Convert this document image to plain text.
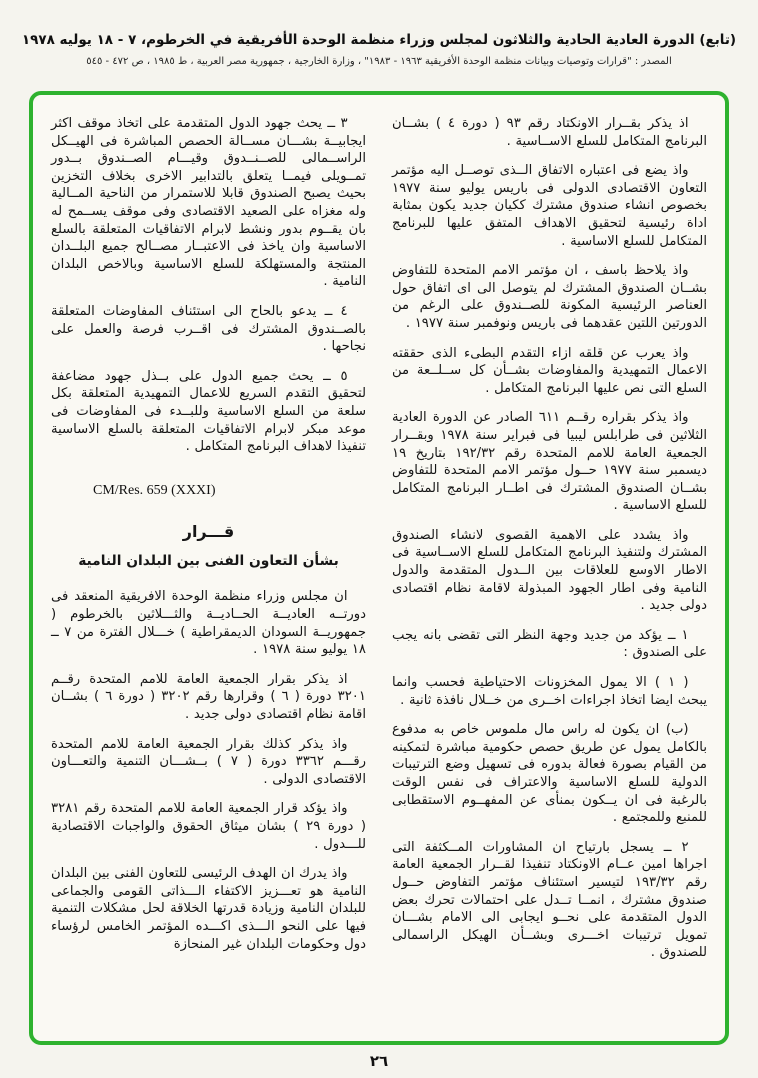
(تابع) الدورة العادية الحادية والثلاثون لمجلس وزراء منظمة الوحدة الأفريقية في الخرطوم، ٧ - ١٨ يوليه ١٩٧٨
المصدر : "قرارات وتوصيات وبيانات منظمة الوحدة الأفريقية ١٩٦٣ - ١٩٨٣" ، وزارة الخارجية ، جمهورية مصر العربية ، ط ١٩٨٥ ، ص ٤٧٢ - ٥٤٥

اذ يذكر بقــرار الاونكتاد رقم ٩٣ ( دورة ٤ ) بشــان البرنامج المتكامل للسلع الاســاسية .

واذ يضع فى اعتباره الاتفاق الــذى توصــل اليه مؤتمر التعاون الاقتصادى الدولى فى باريس يوليو سنة ١٩٧٧ بخصوص انشاء صندوق مشترك ككيان جديد يكون بمثابة اداة رئيسية لتحقيق الاهداف المتفق عليها للبرنامج المتكامل للسلع الاساسية .

واذ يلاحظ باسف ، ان مؤتمر الامم المتحدة للتفاوض بشــان الصندوق المشترك لم يتوصل الى اى اتفاق حول العناصر الرئيسية المكونة للصــندوق على الرغم من الدورتين اللتين عقدهما فى باريس ونوفمبر سنة ١٩٧٧ .

واذ يعرب عن قلقه ازاء التقدم البطىء الذى حققته الاعمال التمهيدية والمفاوضات بشــأن كل ســلــعة من السلع التى نص عليها البرنامج المتكامل .

واذ يذكر بقراره رقــم ٦١١ الصادر عن الدورة العادية الثلاثين فى طرابلس ليبيا فى فبراير سنة ١٩٧٨ وبقــرار الجمعية العامة للامم المتحدة رقم ١٩٢/٣٢ بتاريخ ١٩ ديسمبر سنة ١٩٧٧ حــول مؤتمر الامم المتحدة للتفاوض بشــان الصندوق المشترك فى اطــار البرنامج المتكامل للسلع الاساسية .

واذ يشدد على الاهمية القصوى لانشاء الصندوق المشترك ولتنفيذ البرنامج المتكامل للسلع الاســاسية فى الاطار الاوسع للعلاقات بين الــدول المتقدمة والدول النامية وفى اطار الجهود المبذولة لاقامة نظام اقتصادى دولى جديد .

١ ــ يؤكد من جديد وجهة النظر التى تقضى بانه يجب على الصندوق :

( ١ ) الا يمول المخزونات الاحتياطية فحسب وانما يبحث ايضا اتخاذ اجراءات اخــرى من خــلال نافذة ثانية .

(ب) ان يكون له راس مال ملموس خاص به مدفوع بالكامل يمول عن طريق حصص حكومية مباشرة لتمكينه من القيام بصورة فعالة بدوره فى تسهيل وضع الترتيبات الدولية للسلع الاساسية والاعتراف فى نفس الوقت بالرغبة فى ان يــكون بمنأى عن المفهــوم الاستقطابى للمنبع وللمجتمع .

٢ ــ يسجل بارتياح ان المشاورات المــكثفة التى اجراها امين عــام الاونكتاد تنفيذا لقــرار الجمعية العامة رقم ١٩٣/٣٢ لتيسير استئناف مؤتمر التفاوض حــول صندوق مشترك ، انمــا تــدل على احتمالات تحرك بعض الدول المتقدمة على نحــو ايجابى الى الامام بشـــان تمويل ترتيبات اخـــرى وبشــأن الهيكل الراسمالى للصندوق .

٣ ــ يحث جهود الدول المتقدمة على اتخاذ موقف اكثر ايجابيــة بشـــان مســالة الحصص المباشرة فى الهيــكل الراســمالى للصــنــدوق وقيـــام الصــندوق بــدور تمــويلى فيمــا يتعلق بالتدابير الاخرى بخلاف التخزين بحيث يصبح الصندوق قابلا للاستمرار من الناحية المــالية وله مغزاه على الصعيد الاقتصادى وفى موقف يســمح له بان يقــوم بدور ونشط لابرام الاتفاقيات المتعلقة بالسلع الاساسية وان ياخذ فى الاعتبــار مصــالح جميع البلــدان المنتجة والمستهلكة للسلع الاساسية وبالاخص البلدان النامية .

٤ ــ يدعو بالحاح الى استئناف المفاوضات المتعلقة بالصــندوق المشترك فى اقــرب فرصة والعمل على نجاحها .

٥ ــ يحث جميع الدول على بــذل جهود مضاعفة لتحقيق التقدم السريع للاعمال التمهيدية المتعلقة بكل سلعة من السلع الاساسية وللبــدء فى المفاوضات فى موعد مبكر لابرام الاتفاقيات المتعلقة بالسلع الاساسية تنفيذا لاهداف البرنامج المتكامل .

CM/Res. 659 (XXXI)
قـــرار
بشأن التعاون الفنى بين البلدان النامية

ان مجلس وزراء منظمة الوحدة الافريقية المنعقد فى دورتــه العاديــة الحــاديــة والثـــلاثين بالخرطوم ( جمهوريــة السودان الديمقراطية ) خـــلال الفترة من ٧ ــ ١٨ يوليو سنة ١٩٧٨ .

اذ يذكر بقرار الجمعية العامة للامم المتحدة رقــم ٣٢٠١ دورة ( ٦ ) وقرارها رقم ٣٢٠٢ ( دورة ٦ ) بشــان اقامة نظام اقتصادى دولى جديد .

واذ يذكر كذلك بقرار الجمعية العامة للامم المتحدة رقـــم ٣٣٦٢ دورة ( ٧ ) بــشـــان التنمية والتعـــاون الاقتصادى الدولى .

واذ يؤكد قرار الجمعية العامة للامم المتحدة رقم ٣٢٨١ ( دورة ٢٩ ) بشان ميثاق الحقوق والواجبات الاقتصادية للـــدول .

واذ يدرك ان الهدف الرئيسى للتعاون الفنى بين البلدان النامية هو تعـــزيز الاكتفاء الـــذاتى القومى والجماعى للبلدان النامية وزيادة قدرتها الخلاقة لحل مشكلات التنمية فيها على النحو الـــذى اكـــده المؤتمر الخامس لرؤساء دول وحكومات البلدان غير المنحازة

٢٦
